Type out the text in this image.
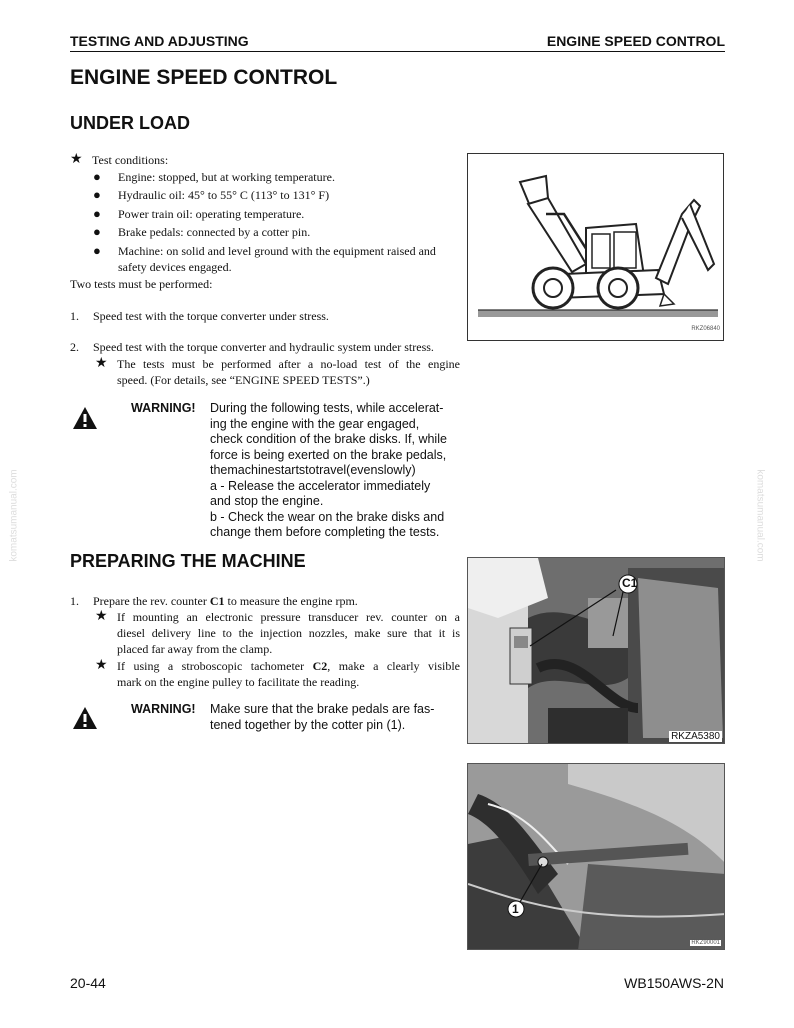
TESTING AND ADJUSTING	ENGINE SPEED CONTROL
ENGINE SPEED CONTROL
UNDER LOAD
★ Test conditions:
● Engine: stopped, but at working temperature.
● Hydraulic oil: 45° to 55° C (113° to 131° F)
● Power train oil: operating temperature.
● Brake pedals: connected by a cotter pin.
● Machine: on solid and level ground with the equipment raised and
safety devices engaged.
Two tests must be performed:
1. Speed test with the torque converter under stress.
2. Speed test with the torque converter and hydraulic system under stress.
★ The tests must be performed after a no-load test of the engine
speed. (For details, see “ENGINE SPEED TESTS”.)
RKZ06840
WARNING! During the following tests, while accelerat-
ing the engine with the gear engaged,
check condition of the brake disks. If, while
force is being exerted on the brake pedals,
themachinestartstotravel(evenslowly)
a - Release the accelerator immediately
and stop the engine.
b - Check the wear on the brake disks and
change them before completing the tests.
PREPARING THE MACHINE
1. Prepare the rev. counter C1 to measure the engine rpm.
★ If mounting an electronic pressure transducer rev. counter on a
diesel delivery line to the injection nozzles, make sure that it is
placed far away from the clamp.
★ If using a stroboscopic tachometer C2, make a clearly visible
mark on the engine pulley to facilitate the reading.
WARNING! Make sure that the brake pedals are fas-
tened together by the cotter pin (1).
C1
RKZA5380
1
RKZ90001
komatsumanual.com	komatsumanual.com
20-44	WB150AWS-2N
